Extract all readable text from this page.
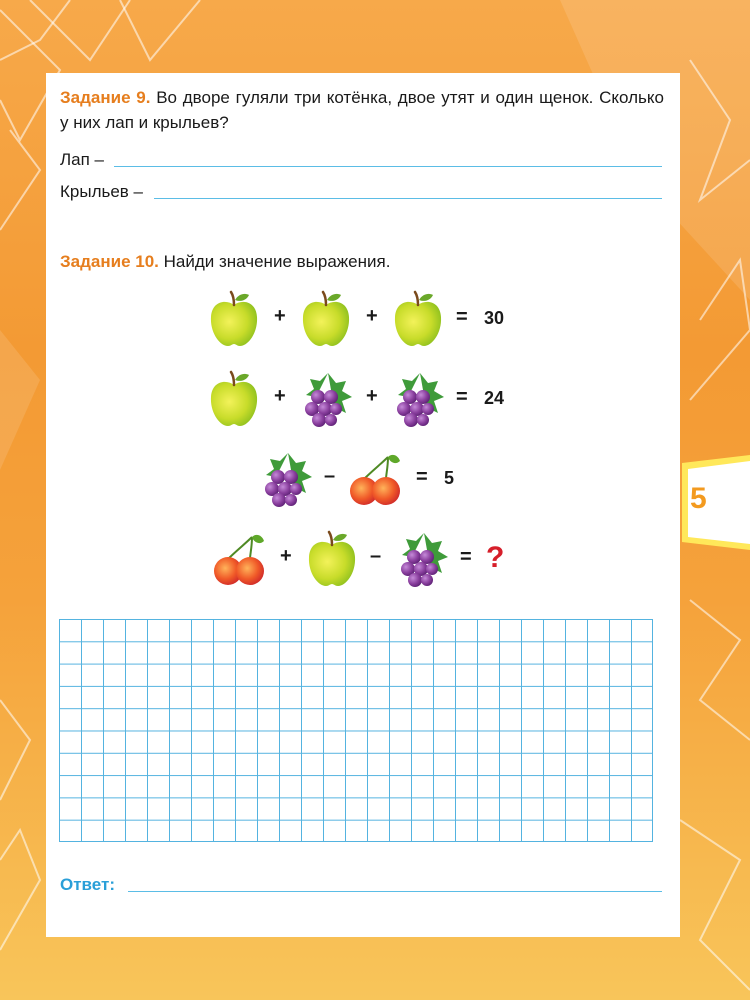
Задание 9. Во дворе гуляли три котёнка, двое утят и один щенок. Сколько у них лап и крыльев?
Лап –
Крыльев –
Задание 10. Найди значение выражения.
+	+	= 30
+	+	= 24
–	= 5
+	–	= ?
Ответ:
5
